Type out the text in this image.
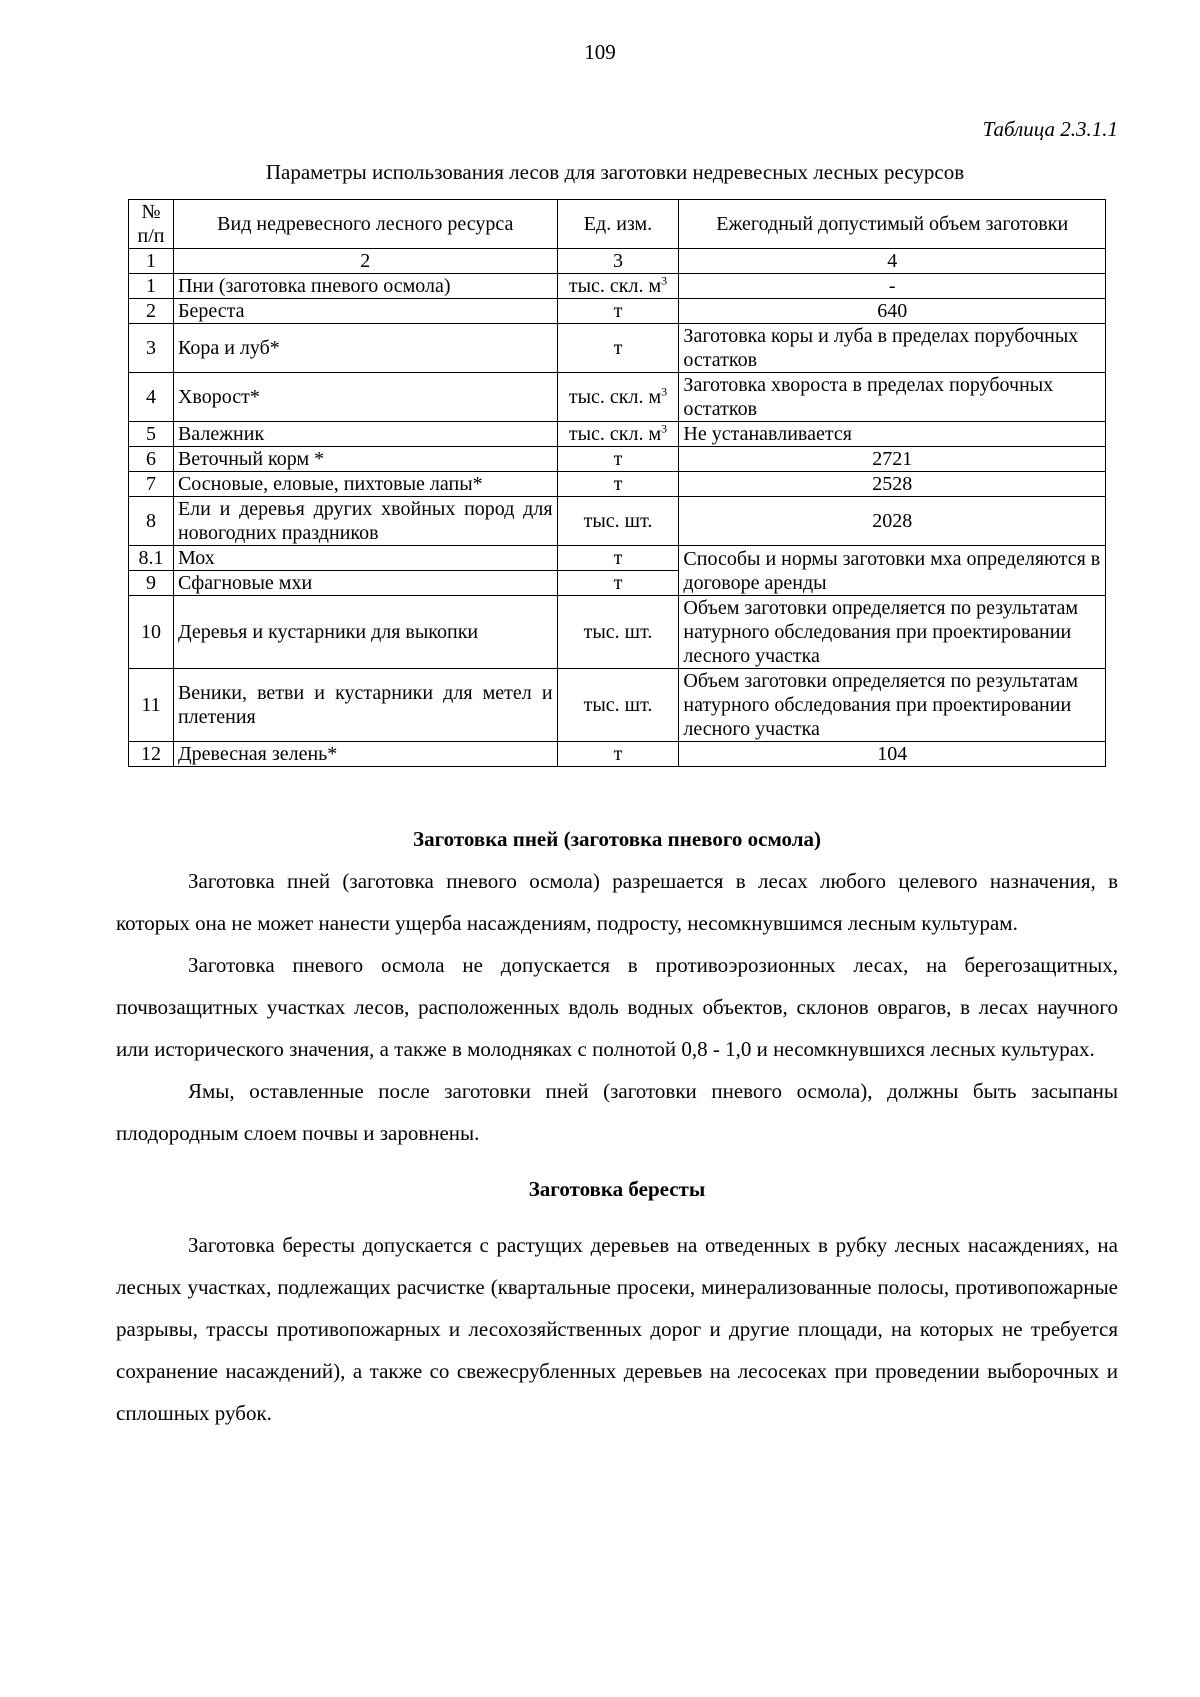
109
Таблица 2.3.1.1
Параметры использования лесов для заготовки недревесных лесных ресурсов
№ п/п	Вид недревесного лесного ресурса	Ед. изм.	Ежегодный допустимый объем заготовки
1	2	3	4
1	Пни (заготовка пневого осмола)	тыс. скл. $м^3$	-
2	Береста	т	640
3	Кора и луб*	т	Заготовка коры и луба в пределах порубочных остатков
4	Хворост*	тыс. скл. $м^3$	Заготовка хвороста в пределах порубочных остатков
5	Валежник	тыс. скл. $м^3$	Не устанавливается
6	Веточный корм *	т	2721
7	Сосновые, еловые, пихтовые лапы*	т	2528
8	Ели и деревья других хвойных пород для новогодних праздников	тыс. шт.	2028
8.1	Мох	т	Способы и нормы заготовки мха определяются в договоре аренды
9	Сфагновые мхи	т	
10	Деревья и кустарники для выкопки	тыс. шт.	Объем заготовки определяется по результатам натурного обследования при проектировании лесного участка
11	Веники, ветви и кустарники для метел и плетения	тыс. шт.	Объем заготовки определяется по результатам натурного обследования при проектировании лесного участка
12	Древесная зелень*	т	104

Заготовка пней (заготовка пневого осмола)

Заготовка пней (заготовка пневого осмола) разрешается в лесах любого целевого назначения, в которых она не может нанести ущерба насаждениям, подросту, несомкнувшимся лесным культурам.

Заготовка пневого осмола не допускается в противоэрозионных лесах, на берегозащитных, почвозащитных участках лесов, расположенных вдоль водных объектов, склонов оврагов, в лесах научного или исторического значения, а также в молодняках с полнотой 0,8 - 1,0 и несомкнувшихся лесных культурах.

Ямы, оставленные после заготовки пней (заготовки пневого осмола), должны быть засыпаны плодородным слоем почвы и заровнены.

Заготовка бересты

Заготовка бересты допускается с растущих деревьев на отведенных в рубку лесных насаждениях, на лесных участках, подлежащих расчистке (квартальные просеки, минерализованные полосы, противопожарные разрывы, трассы противопожарных и лесохозяйственных дорог и другие площади, на которых не требуется сохранение насаждений), а также со свежесрубленных деревьев на лесосеках при проведении выборочных и сплошных рубок.
